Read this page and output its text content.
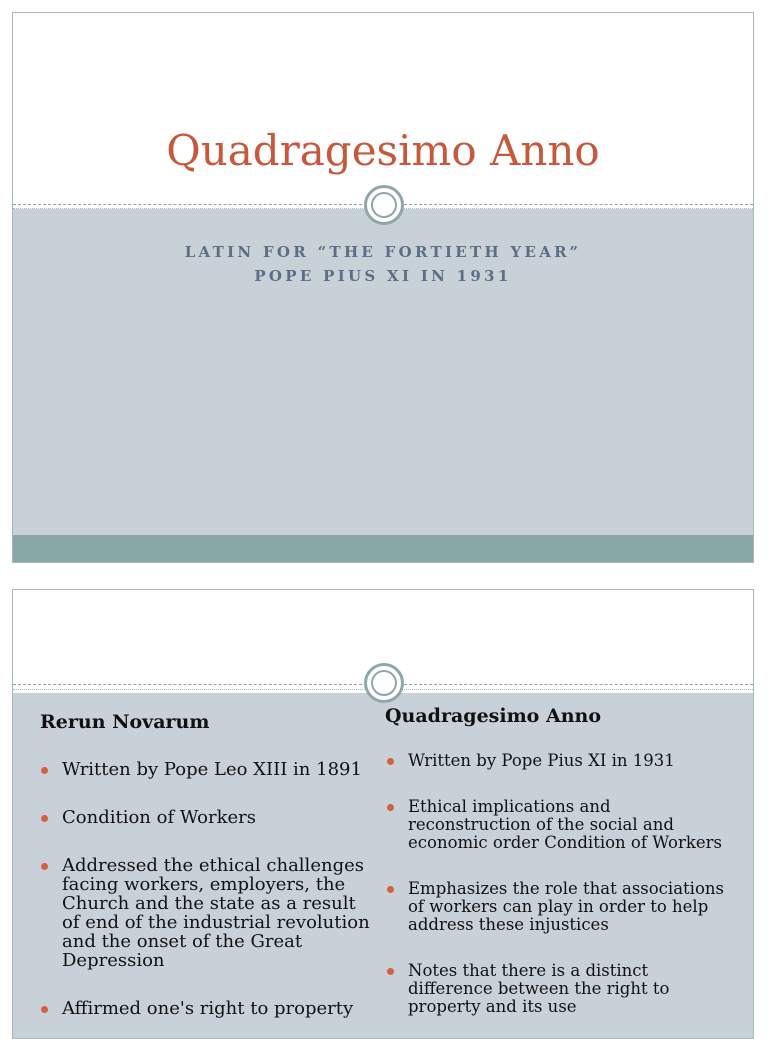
Quadragesimo Anno
LATIN FOR “THE FORTIETH YEAR”
POPE PIUS XI IN 1931
Rerun Novarum
Written by Pope Leo XIII in 1891
Condition of Workers
Addressed the ethical challenges facing workers, employers, the Church and the state as a result of end of the industrial revolution and the onset of the Great Depression
Affirmed one's right to property
Quadragesimo Anno
Written by Pope Pius XI in 1931
Ethical implications and reconstruction of the social and economic order Condition of Workers
Emphasizes the role that associations of workers can play in order to help address these injustices
Notes that there is a distinct difference between the right to property and its use
